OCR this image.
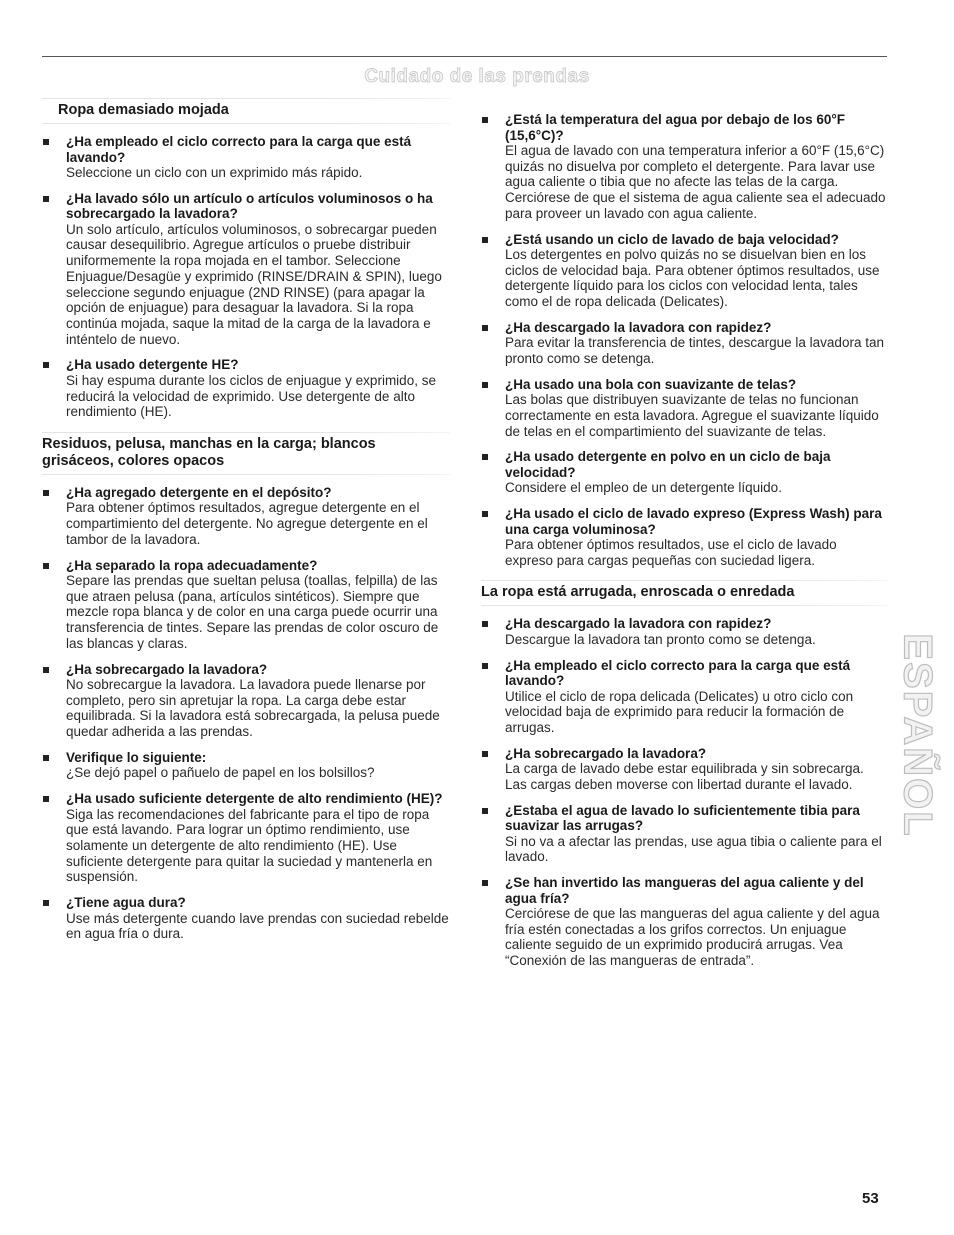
Cuidado de las prendas
Ropa demasiado mojada
¿Ha empleado el ciclo correcto para la carga que está lavando?
Seleccione un ciclo con un exprimido más rápido.
¿Ha lavado sólo un artículo o artículos voluminosos o ha sobrecargado la lavadora?
Un solo artículo, artículos voluminosos, o sobrecargar pueden causar desequilibrio. Agregue artículos o pruebe distribuir uniformemente la ropa mojada en el tambor. Seleccione Enjuague/Desagüe y exprimido (RINSE/DRAIN & SPIN), luego seleccione segundo enjuague (2ND RINSE) (para apagar la opción de enjuague) para desaguar la lavadora. Si la ropa continúa mojada, saque la mitad de la carga de la lavadora e inténtelo de nuevo.
¿Ha usado detergente HE?
Si hay espuma durante los ciclos de enjuague y exprimido, se reducirá la velocidad de exprimido. Use detergente de alto rendimiento (HE).
Residuos, pelusa, manchas en la carga; blancos grisáceos, colores opacos
¿Ha agregado detergente en el depósito?
Para obtener óptimos resultados, agregue detergente en el compartimiento del detergente. No agregue detergente en el tambor de la lavadora.
¿Ha separado la ropa adecuadamente?
Separe las prendas que sueltan pelusa (toallas, felpilla) de las que atraen pelusa (pana, artículos sintéticos). Siempre que mezcle ropa blanca y de color en una carga puede ocurrir una transferencia de tintes. Separe las prendas de color oscuro de las blancas y claras.
¿Ha sobrecargado la lavadora?
No sobrecargue la lavadora. La lavadora puede llenarse por completo, pero sin apretujar la ropa. La carga debe estar equilibrada. Si la lavadora está sobrecargada, la pelusa puede quedar adherida a las prendas.
Verifique lo siguiente:
¿Se dejó papel o pañuelo de papel en los bolsillos?
¿Ha usado suficiente detergente de alto rendimiento (HE)?
Siga las recomendaciones del fabricante para el tipo de ropa que está lavando. Para lograr un óptimo rendimiento, use solamente un detergente de alto rendimiento (HE). Use suficiente detergente para quitar la suciedad y mantenerla en suspensión.
¿Tiene agua dura?
Use más detergente cuando lave prendas con suciedad rebelde en agua fría o dura.
¿Está la temperatura del agua por debajo de los 60°F (15,6°C)?
El agua de lavado con una temperatura inferior a 60°F (15,6°C) quizás no disuelva por completo el detergente. Para lavar use agua caliente o tibia que no afecte las telas de la carga. Cerciórese de que el sistema de agua caliente sea el adecuado para proveer un lavado con agua caliente.
¿Está usando un ciclo de lavado de baja velocidad?
Los detergentes en polvo quizás no se disuelvan bien en los ciclos de velocidad baja. Para obtener óptimos resultados, use detergente líquido para los ciclos con velocidad lenta, tales como el de ropa delicada (Delicates).
¿Ha descargado la lavadora con rapidez?
Para evitar la transferencia de tintes, descargue la lavadora tan pronto como se detenga.
¿Ha usado una bola con suavizante de telas?
Las bolas que distribuyen suavizante de telas no funcionan correctamente en esta lavadora. Agregue el suavizante líquido de telas en el compartimiento del suavizante de telas.
¿Ha usado detergente en polvo en un ciclo de baja velocidad?
Considere el empleo de un detergente líquido.
¿Ha usado el ciclo de lavado expreso (Express Wash) para una carga voluminosa?
Para obtener óptimos resultados, use el ciclo de lavado expreso para cargas pequeñas con suciedad ligera.
La ropa está arrugada, enroscada o enredada
¿Ha descargado la lavadora con rapidez?
Descargue la lavadora tan pronto como se detenga.
¿Ha empleado el ciclo correcto para la carga que está lavando?
Utilice el ciclo de ropa delicada (Delicates) u otro ciclo con velocidad baja de exprimido para reducir la formación de arrugas.
¿Ha sobrecargado la lavadora?
La carga de lavado debe estar equilibrada y sin sobrecarga. Las cargas deben moverse con libertad durante el lavado.
¿Estaba el agua de lavado lo suficientemente tibia para suavizar las arrugas?
Si no va a afectar las prendas, use agua tibia o caliente para el lavado.
¿Se han invertido las mangueras del agua caliente y del agua fría?
Cerciórese de que las mangueras del agua caliente y del agua fría estén conectadas a los grifos correctos. Un enjuague caliente seguido de un exprimido producirá arrugas. Vea “Conexión de las mangueras de entrada”.
ESPAÑOL
53
